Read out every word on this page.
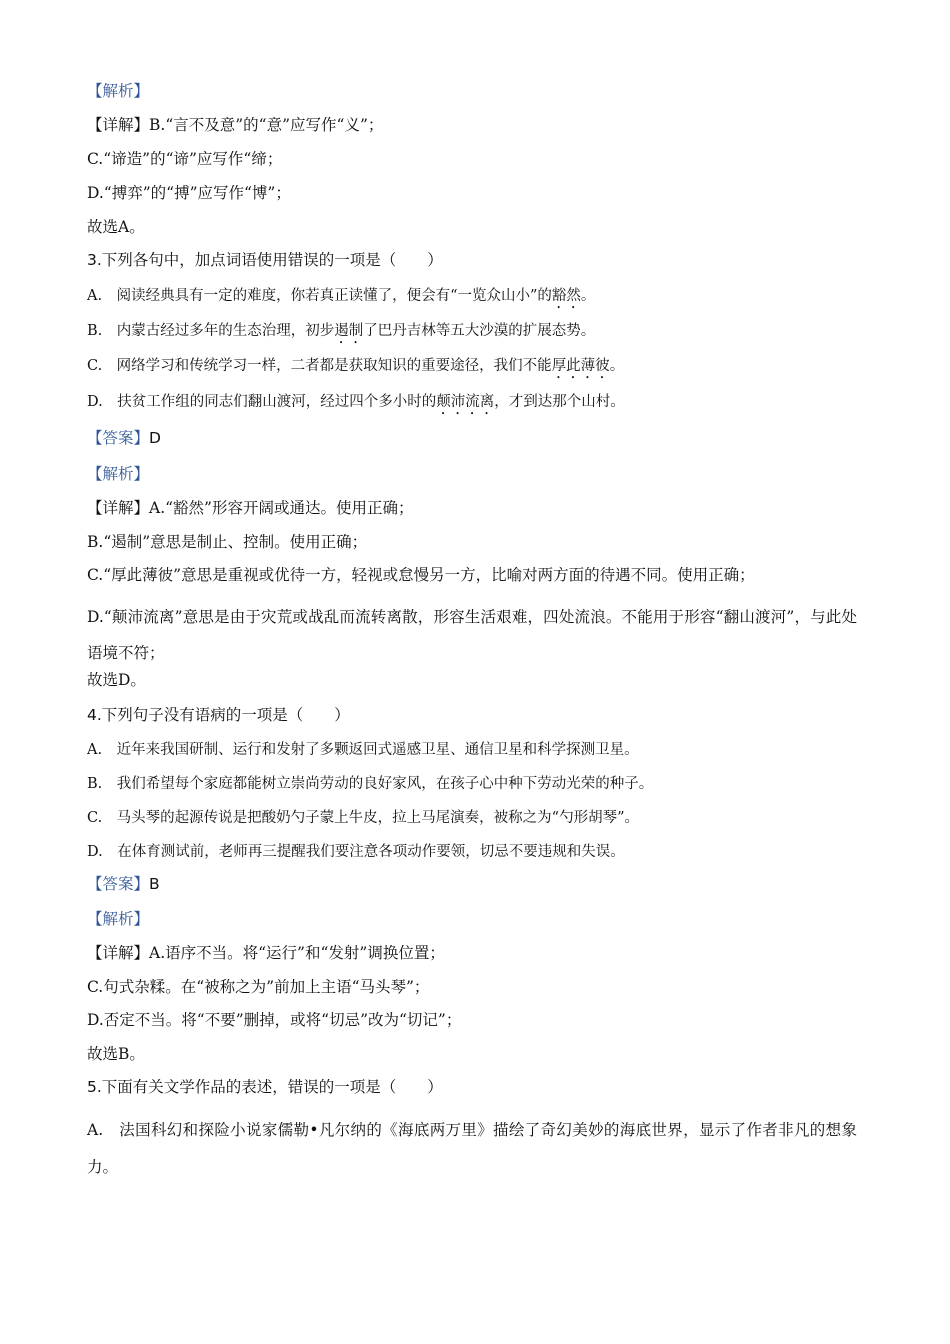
【解析】
【详解】B.“言不及意”的“意”应写作“义”；
C.“谛造”的“谛”应写作“缔；
D.“搏弈”的“搏”应写作“博”；
故选A。
3.下列各句中，加点词语使用错误的一项是（　　）
A.　阅读经典具有一定的难度，你若真正读懂了，便会有“一览众山小”的豁然。
B.　内蒙古经过多年的生态治理，初步遏制了巴丹吉林等五大沙漠的扩展态势。
C.　网络学习和传统学习一样，二者都是获取知识的重要途径，我们不能厚此薄彼。
D.　扶贫工作组的同志们翻山渡河，经过四个多小时的颠沛流离，才到达那个山村。
【答案】D
【解析】
【详解】A.“豁然”形容开阔或通达。使用正确；
B.“遏制”意思是制止、控制。使用正确；
C.“厚此薄彼”意思是重视或优待一方，轻视或怠慢另一方，比喻对两方面的待遇不同。使用正确；
D.“颠沛流离”意思是由于灾荒或战乱而流转离散，形容生活艰难，四处流浪。不能用于形容“翻山渡河”，与此处语境不符；
故选D。
4.下列句子没有语病的一项是（　　）
A.　近年来我国研制、运行和发射了多颗返回式遥感卫星、通信卫星和科学探测卫星。
B.　我们希望每个家庭都能树立崇尚劳动的良好家风，在孩子心中种下劳动光荣的种子。
C.　马头琴的起源传说是把酸奶勺子蒙上牛皮，拉上马尾演奏，被称之为“勺形胡琴”。
D.　在体育测试前，老师再三提醒我们要注意各项动作要领，切忌不要违规和失误。
【答案】B
【解析】
【详解】A.语序不当。将“运行”和“发射”调换位置；
C.句式杂糅。在“被称之为”前加上主语“马头琴”；
D.否定不当。将“不要”删掉，或将“切忌”改为“切记”；
故选B。
5.下面有关文学作品的表述，错误的一项是（　　）
A.　法国科幻和探险小说家儒勒•凡尔纳的《海底两万里》描绘了奇幻美妙的海底世界，显示了作者非凡的想象力。
